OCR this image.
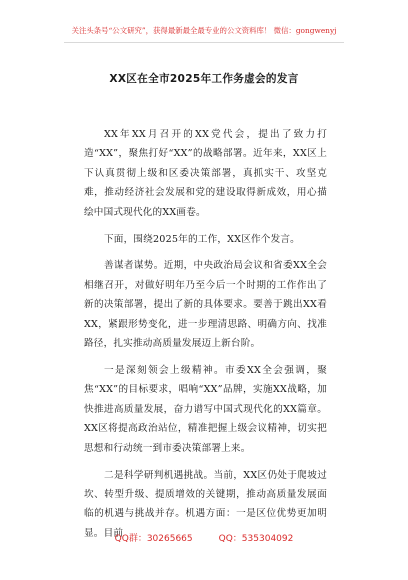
关注头条号“公文研究”，获得最新最全最专业的公文资料库！ 微信：gongwenyj
XX区在全市2025年工作务虚会的发言

XX年XX月召开的XX党代会，提出了致力打造“XX”，聚焦打好“XX”的战略部署。近年来，XX区上下认真贯彻上级和区委决策部署，真抓实干、攻坚克难，推动经济社会发展和党的建设取得新成效，用心描绘中国式现代化的XX画卷。

下面，围绕2025年的工作，XX区作个发言。

善谋者谋势。近期，中央政治局会议和省委XX全会相继召开，对做好明年乃至今后一个时期的工作作出了新的决策部署，提出了新的具体要求。要善于跳出XX看XX，紧跟形势变化，进一步理清思路、明确方向、找准路径，扎实推动高质量发展迈上新台阶。

一是深刻领会上级精神。市委XX全会强调，聚焦“XX”的目标要求，唱响“XX”品牌，实施XX战略，加快推进高质量发展，奋力谱写中国式现代化的XX篇章。XX区将提高政治站位，精准把握上级会议精神，切实把思想和行动统一到市委决策部署上来。

二是科学研判机遇挑战。当前，XX区仍处于爬坡过坎、转型升级、提质增效的关键期，推动高质量发展面临的机遇与挑战并存。机遇方面：一是区位优势更加明显。目前

QQ群：30265665	QQ：535304092
